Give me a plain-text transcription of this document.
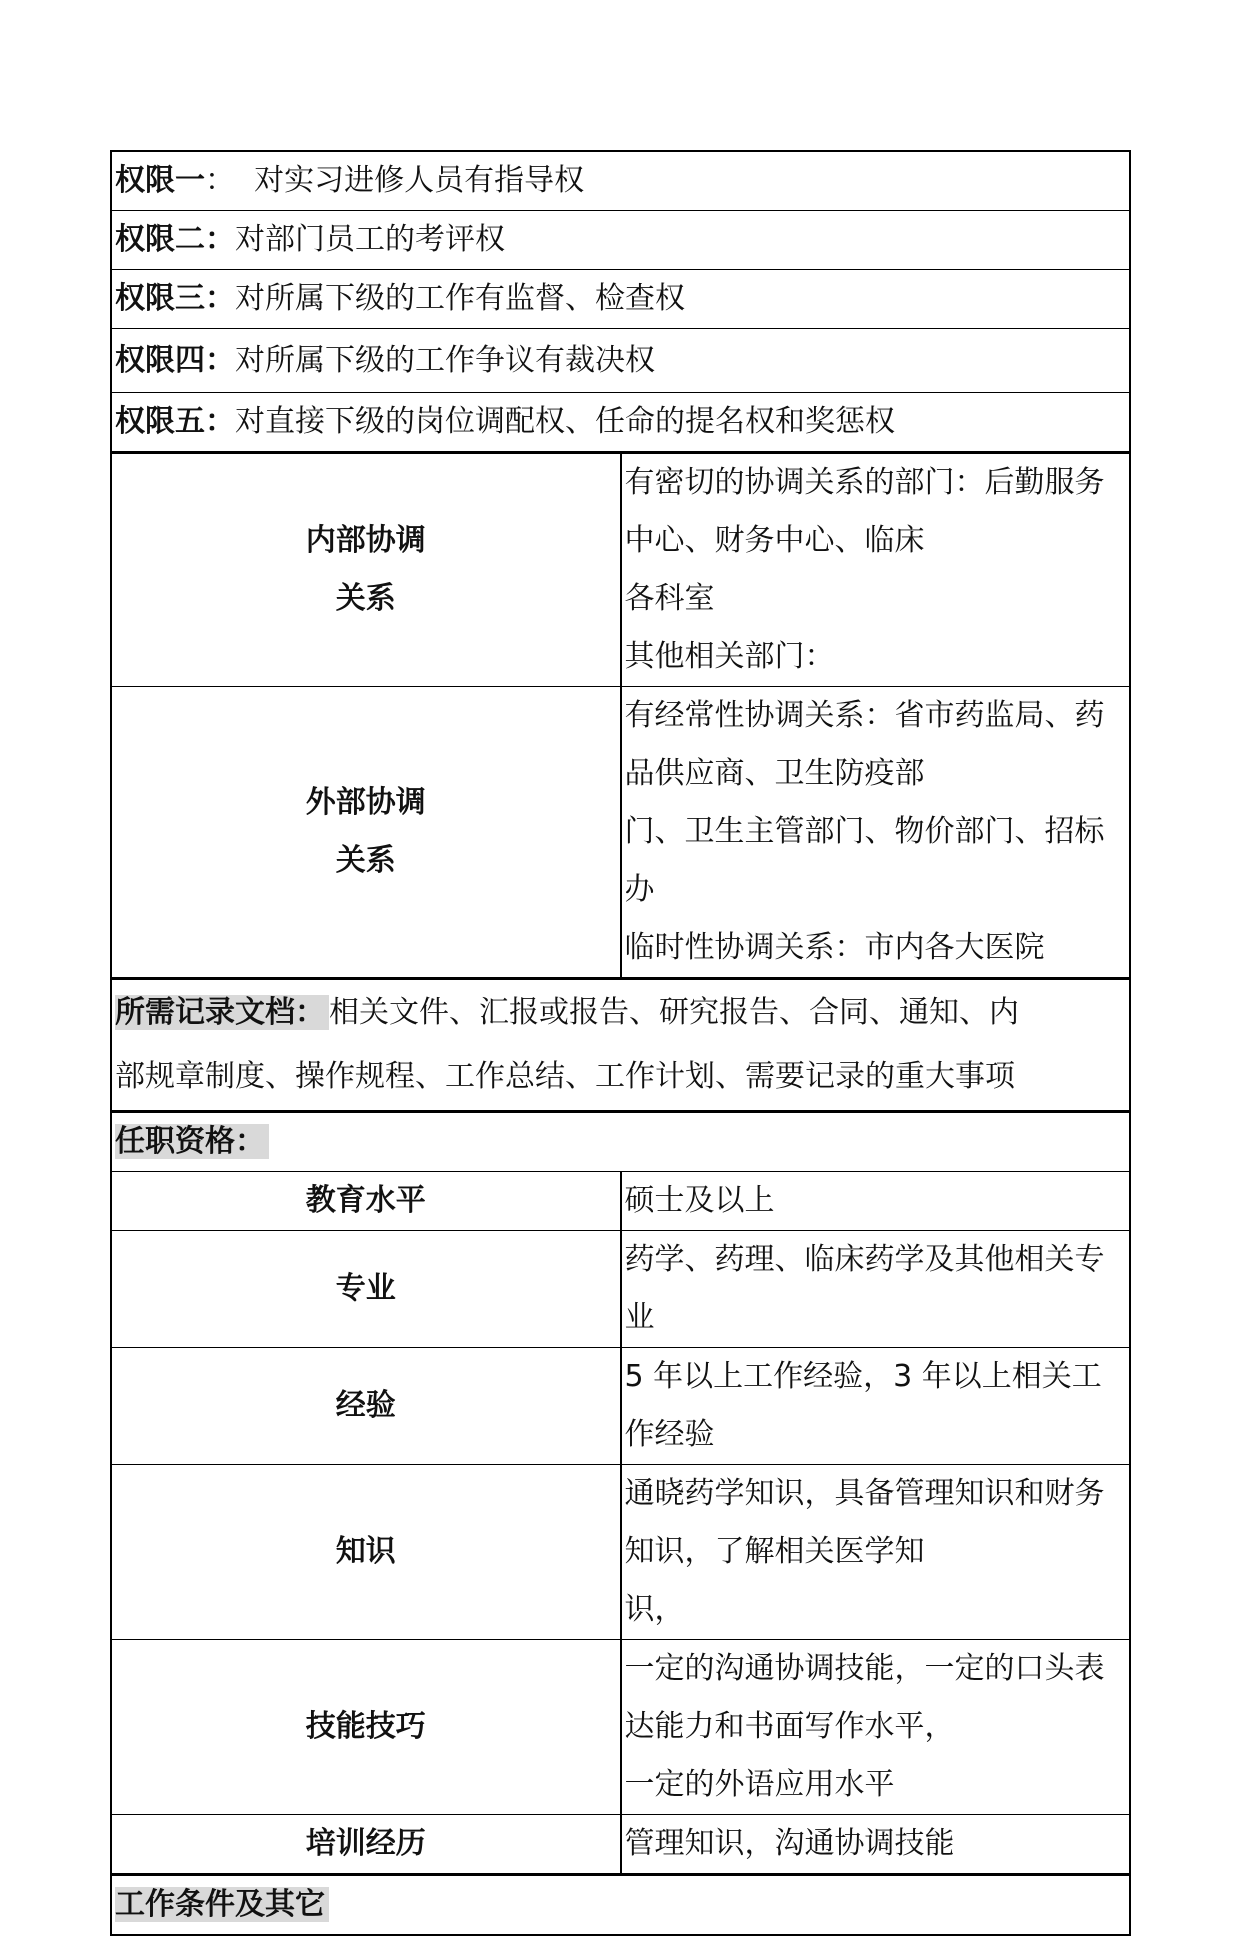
权限一：  对实习进修人员有指导权	
权限二：对部门员工的考评权	
权限三：对所属下级的工作有监督、检查权	
权限四：对所属下级的工作争议有裁决权	
权限五：对直接下级的岗位调配权、任命的提名权和奖惩权	

内部协调
关系	有密切的协调关系的部门：后勤服务中心、财务中心、临床
各科室
其他相关部门：

外部协调
关系	有经常性协调关系：省市药监局、药品供应商、卫生防疫部
门、卫生主管部门、物价部门、招标办
临时性协调关系：市内各大医院

所需记录文档： 相关文件、汇报或报告、研究报告、合同、通知、内
部规章制度、操作规程、工作总结、工作计划、需要记录的重大事项	

任职资格：	
教育水平	硕士及以上
专业	药学、药理、临床药学及其他相关专业
经验	5 年以上工作经验，3 年以上相关工作经验
知识	通晓药学知识，具备管理知识和财务知识，了解相关医学知
识，

技能技巧	一定的沟通协调技能，一定的口头表达能力和书面写作水平，
一定的外语应用水平

培训经历	管理知识，沟通协调技能
工作条件及其它	
